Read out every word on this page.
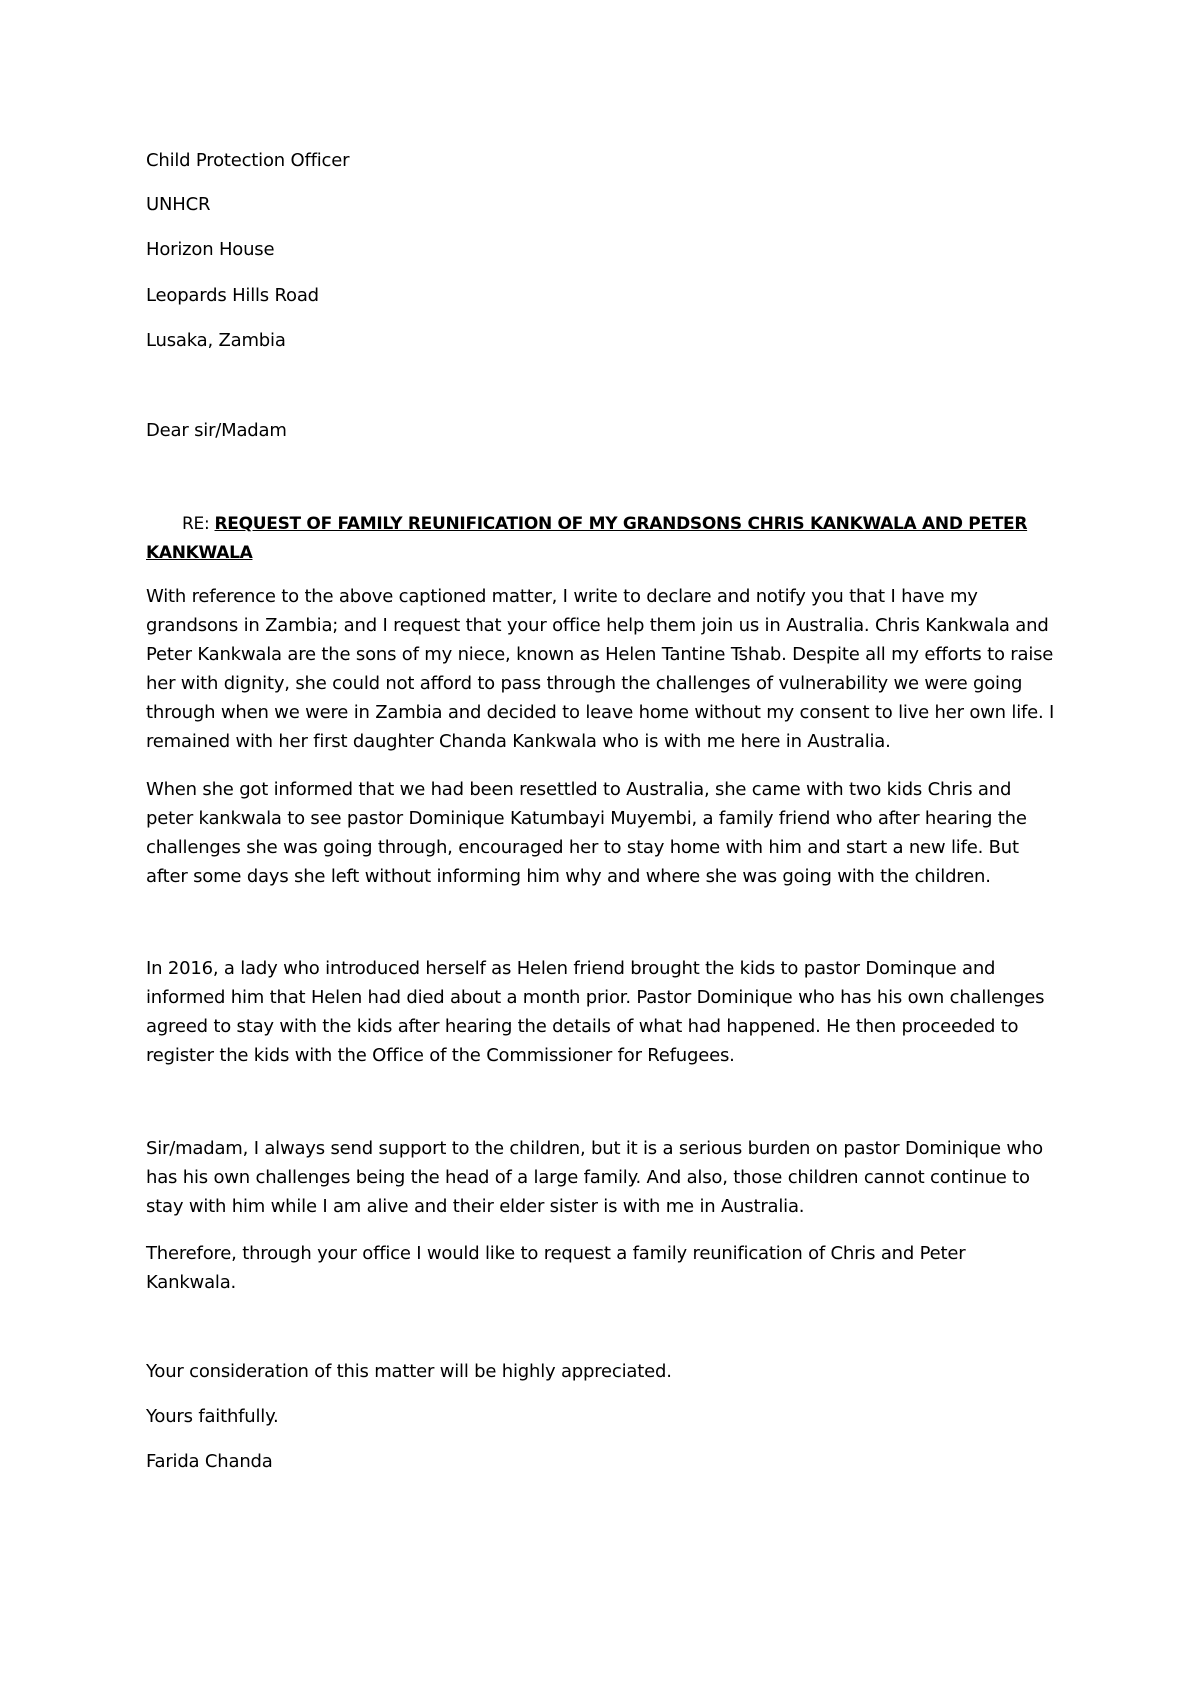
Child Protection Officer
UNHCR
Horizon House
Leopards Hills Road
Lusaka, Zambia
Dear sir/Madam
RE: REQUEST OF FAMILY REUNIFICATION OF MY GRANDSONS CHRIS KANKWALA AND PETER KANKWALA
With reference to the above captioned matter, I write to declare and notify you that I have my grandsons in Zambia; and I request that your office help them join us in Australia. Chris Kankwala and Peter Kankwala are the sons of my niece, known as Helen Tantine Tshab. Despite all my efforts to raise her with dignity, she could not afford to pass through the challenges of vulnerability we were going through when we were in Zambia and decided to leave home without my consent to live her own life. I remained with her first daughter Chanda Kankwala who is with me here in Australia.
When she got informed that we had been resettled to Australia, she came with two kids Chris and peter kankwala to see pastor Dominique Katumbayi Muyembi, a family friend who after hearing the challenges she was going through, encouraged her to stay home with him and start a new life. But after some days she left without informing him why and where she was going with the children.
In 2016, a lady who introduced herself as Helen friend brought the kids to pastor Dominque and informed him that Helen had died about a month prior. Pastor Dominique who has his own challenges agreed to stay with the kids after hearing the details of what had happened. He then proceeded to register the kids with the Office of the Commissioner for Refugees.
Sir/madam, I always send support to the children, but it is a serious burden on pastor Dominique who has his own challenges being the head of a large family. And also, those children cannot continue to stay with him while I am alive and their elder sister is with me in Australia.
Therefore, through your office I would like to request a family reunification of Chris and Peter Kankwala.
Your consideration of this matter will be highly appreciated.
Yours faithfully.
Farida Chanda
